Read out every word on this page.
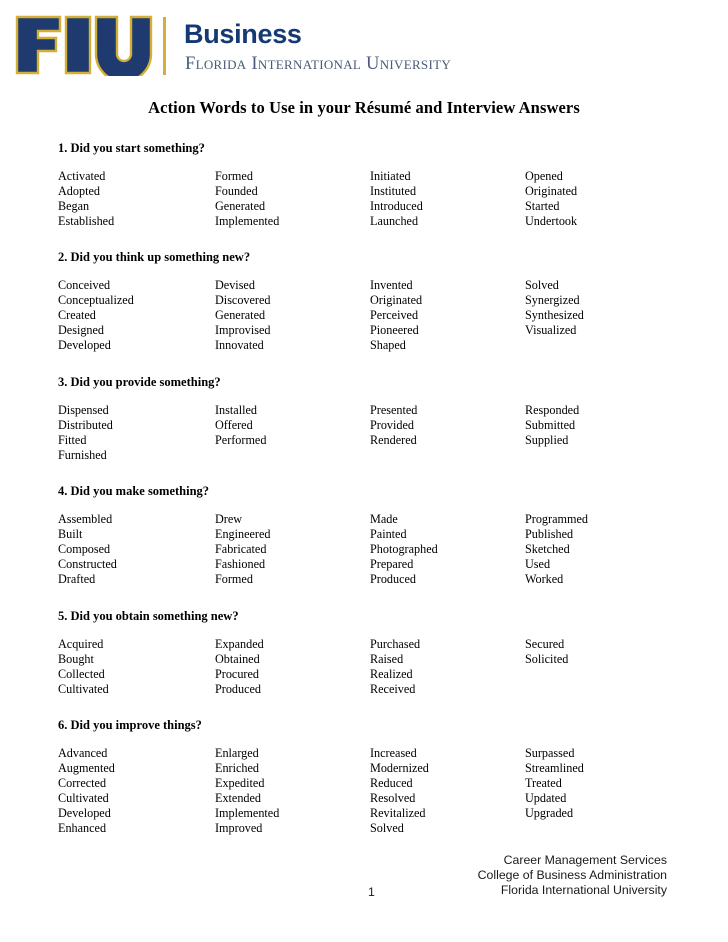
Business
Florida International University
Action Words to Use in your Résumé and Interview Answers
1. Did you start something?
Activated
Adopted
Began
Established
Formed
Founded
Generated
Implemented
Initiated
Instituted
Introduced
Launched
Opened
Originated
Started
Undertook
2. Did you think up something new?
Conceived
Conceptualized
Created
Designed
Developed
Devised
Discovered
Generated
Improvised
Innovated
Invented
Originated
Perceived
Pioneered
Shaped
Solved
Synergized
Synthesized
Visualized
3. Did you provide something?
Dispensed
Distributed
Fitted
Furnished
Installed
Offered
Performed
Presented
Provided
Rendered
Responded
Submitted
Supplied
4. Did you make something?
Assembled
Built
Composed
Constructed
Drafted
Drew
Engineered
Fabricated
Fashioned
Formed
Made
Painted
Photographed
Prepared
Produced
Programmed
Published
Sketched
Used
Worked
5. Did you obtain something new?
Acquired
Bought
Collected
Cultivated
Expanded
Obtained
Procured
Produced
Purchased
Raised
Realized
Received
Secured
Solicited
6. Did you improve things?
Advanced
Augmented
Corrected
Cultivated
Developed
Enhanced
Enlarged
Enriched
Expedited
Extended
Implemented
Improved
Increased
Modernized
Reduced
Resolved
Revitalized
Solved
Surpassed
Streamlined
Treated
Updated
Upgraded
Career Management Services
College of Business Administration
Florida International University
1
